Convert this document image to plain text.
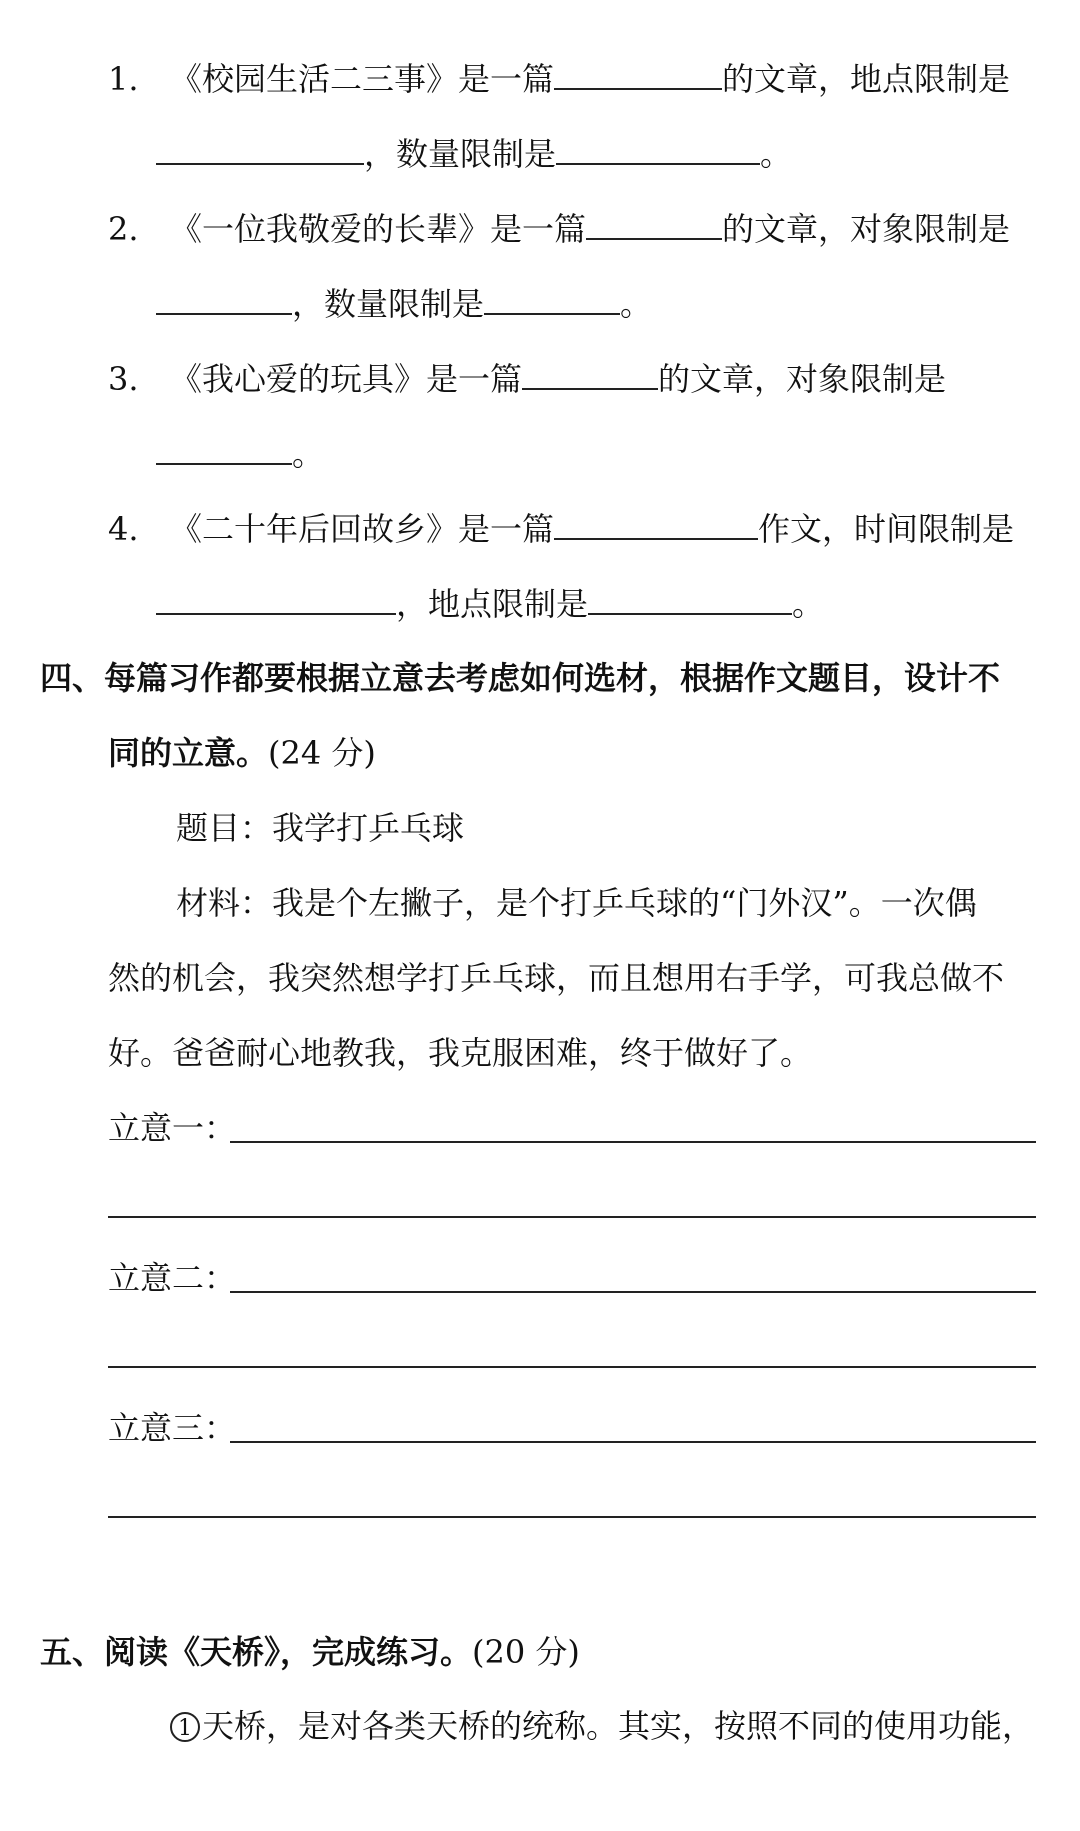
1. 《校园生活二三事》是一篇	的文章，地点限制是
，数量限制是	。
2. 《一位我敬爱的长辈》是一篇	的文章，对象限制是
，数量限制是	。
3. 《我心爱的玩具》是一篇	的文章，对象限制是
。
4. 《二十年后回故乡》是一篇	作文，时间限制是
，地点限制是	。
四、每篇习作都要根据立意去考虑如何选材，根据作文题目，设计不
同的立意。(24 分)
题目：我学打乒乓球
材料：我是个左撇子，是个打乒乓球的“门外汉”。一次偶
然的机会，我突然想学打乒乓球，而且想用右手学，可我总做不
好。爸爸耐心地教我，我克服困难，终于做好了。
立意一：
立意二：
立意三：
五、阅读《天桥》，完成练习。(20 分)
1 天桥，是对各类天桥的统称。其实，按照不同的使用功能，
